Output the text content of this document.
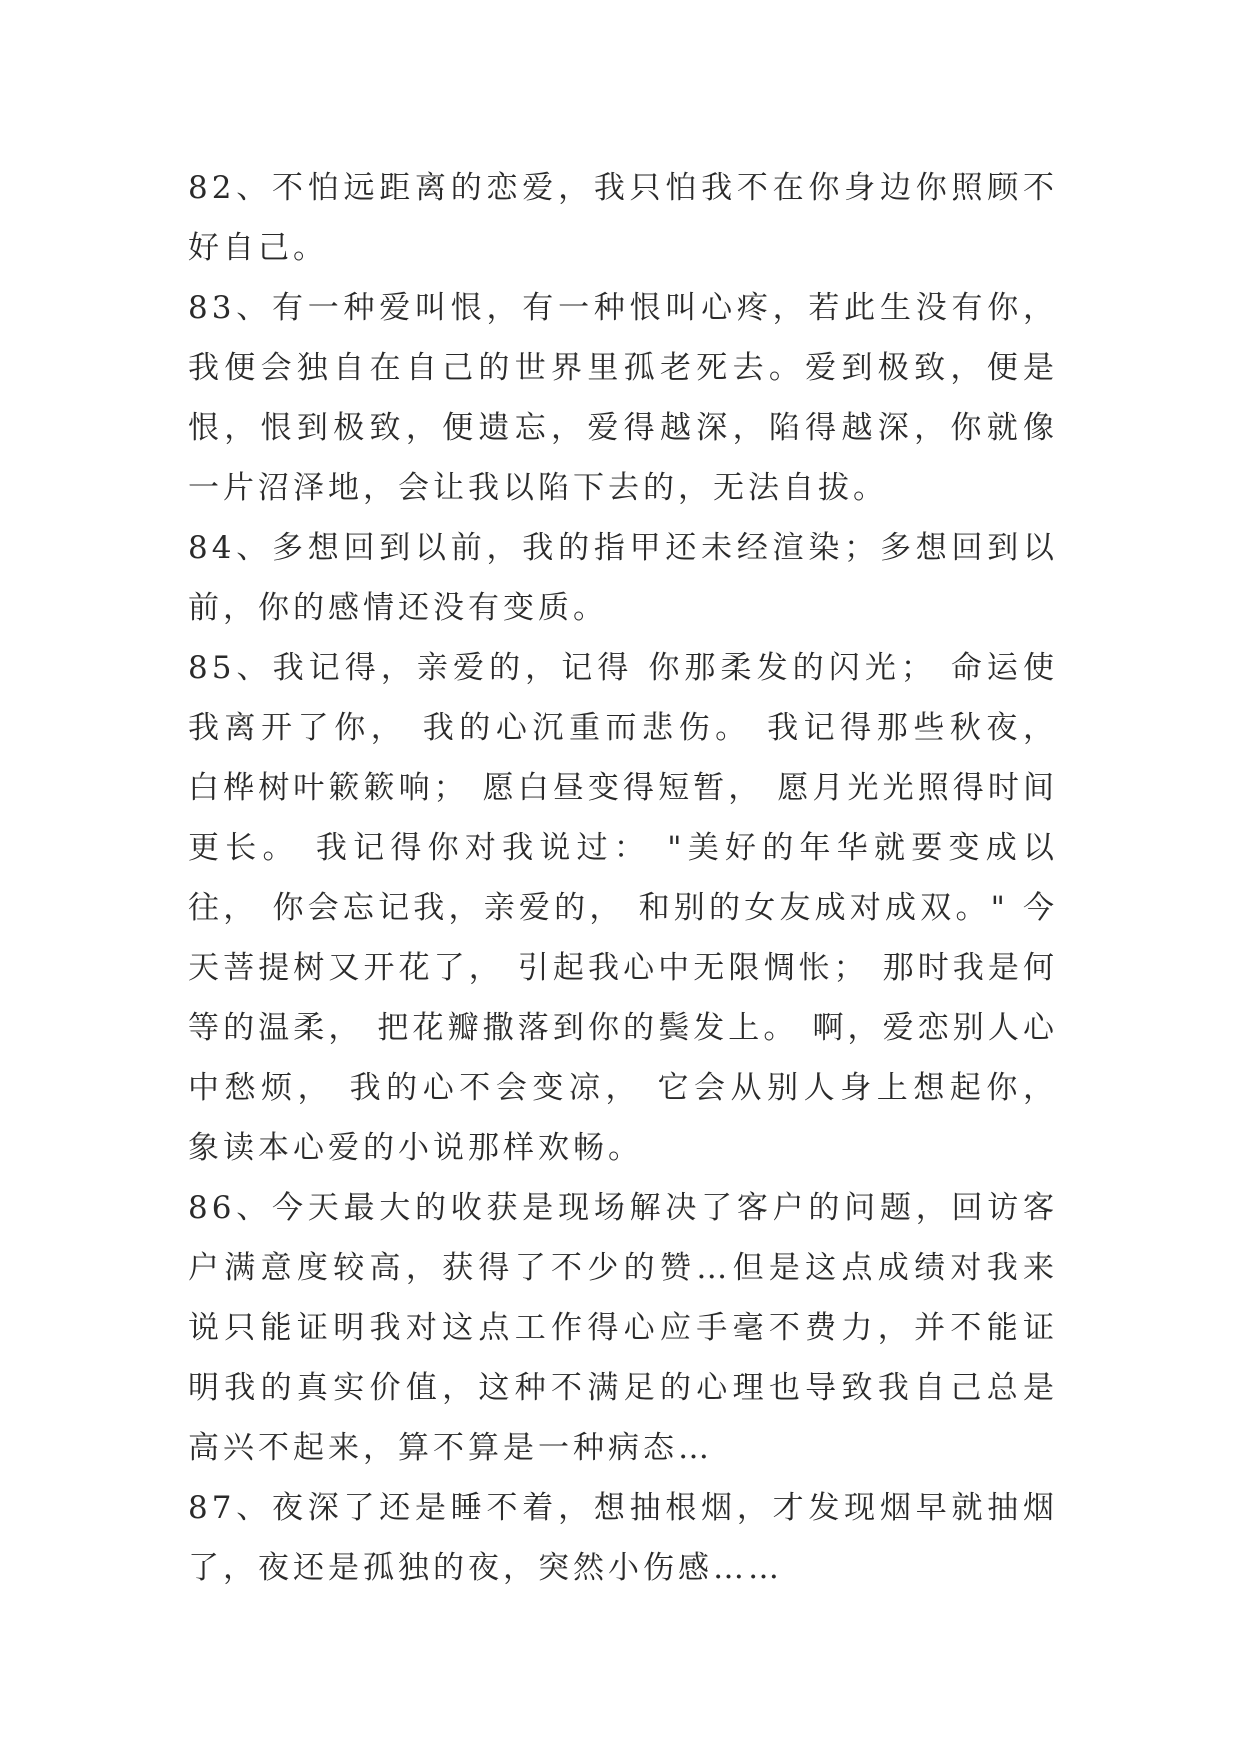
82、不怕远距离的恋爱，我只怕我不在你身边你照顾不好自己。

83、有一种爱叫恨，有一种恨叫心疼，若此生没有你，我便会独自在自己的世界里孤老死去。爱到极致，便是恨，恨到极致，便遗忘，爱得越深，陷得越深，你就像一片沼泽地，会让我以陷下去的，无法自拔。

84、多想回到以前，我的指甲还未经渲染；多想回到以前，你的感情还没有变质。

85、我记得，亲爱的，记得 你那柔发的闪光； 命运使我离开了你， 我的心沉重而悲伤。 我记得那些秋夜， 白桦树叶簌簌响； 愿白昼变得短暂， 愿月光光照得时间更长。 我记得你对我说过： "美好的年华就要变成以往， 你会忘记我，亲爱的， 和别的女友成对成双。" 今天菩提树又开花了， 引起我心中无限惆怅； 那时我是何等的温柔， 把花瓣撒落到你的鬓发上。 啊，爱恋别人心中愁烦， 我的心不会变凉， 它会从别人身上想起你， 象读本心爱的小说那样欢畅。

86、今天最大的收获是现场解决了客户的问题，回访客户满意度较高，获得了不少的赞…但是这点成绩对我来说只能证明我对这点工作得心应手毫不费力，并不能证明我的真实价值，这种不满足的心理也导致我自己总是高兴不起来，算不算是一种病态…

87、夜深了还是睡不着，想抽根烟，才发现烟早就抽烟了，夜还是孤独的夜，突然小伤感……
